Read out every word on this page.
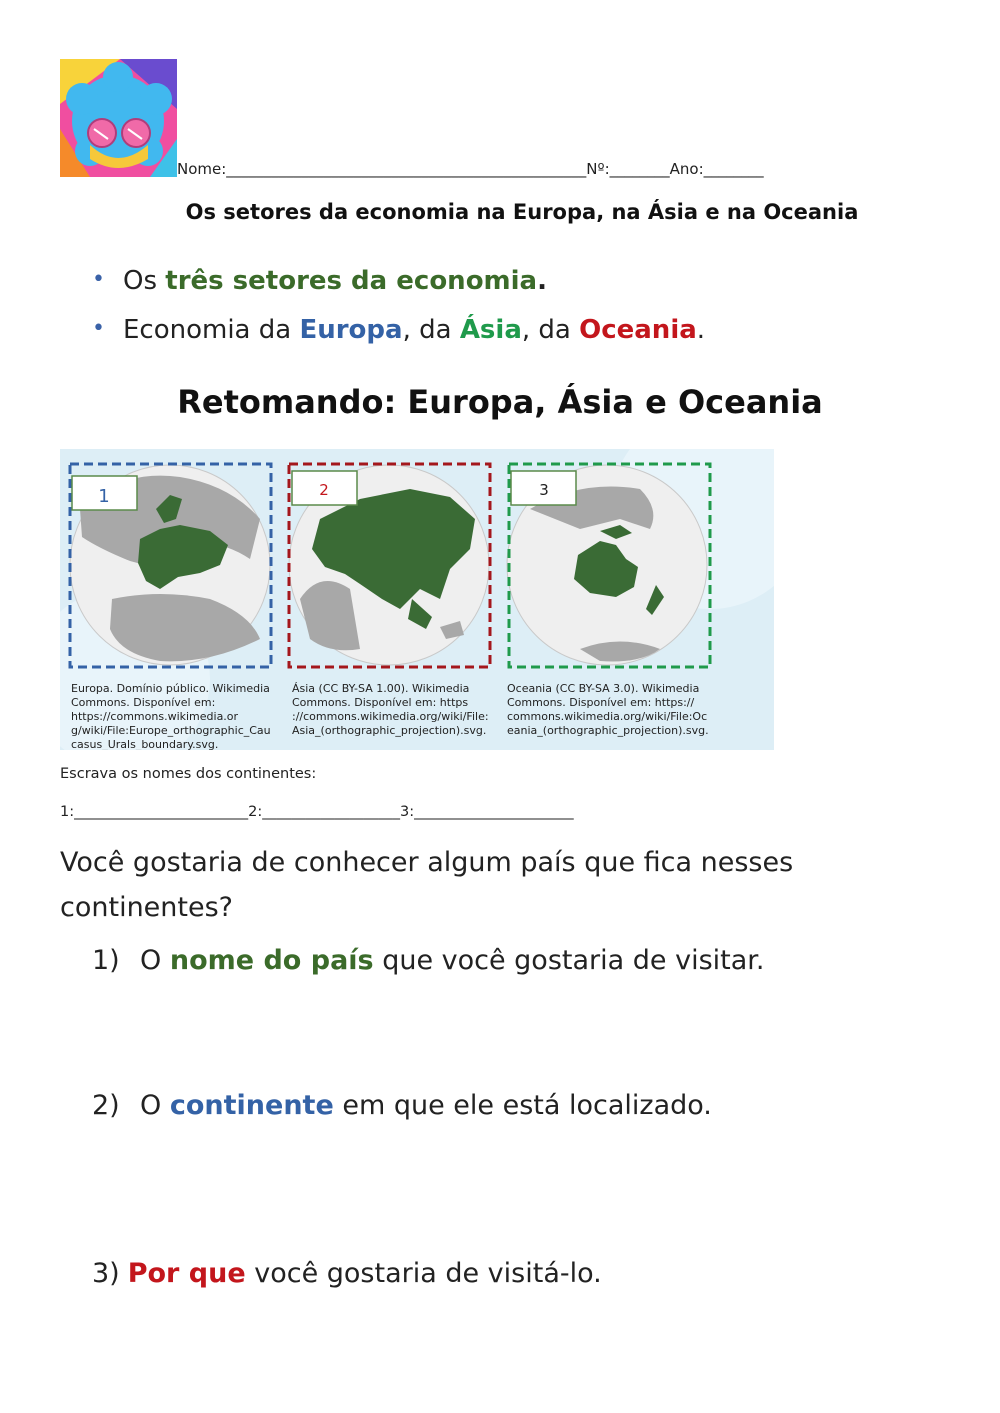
Nome:________________________________________________Nº:________Ano:________
Os setores da economia na Europa, na Ásia e na Oceania
• Os três setores da economia.
• Economia da Europa, da Ásia, da Oceania.
Retomando: Europa, Ásia e Oceania
1	2	3
Europa. Domínio público. Wikimedia
Commons. Disponível em:
https://commons.wikimedia.or
g/wiki/File:Europe_orthographic_Cau
casus_Urals_boundary.svg.
Ásia (CC BY-SA 1.00). Wikimedia
Commons. Disponível em: https
://commons.wikimedia.org/wiki/File:
Asia_(orthographic_projection).svg.
Oceania (CC BY-SA 3.0). Wikimedia
Commons. Disponível em: https://
commons.wikimedia.org/wiki/File:Oc
eania_(orthographic_projection).svg.
Escrava os nomes dos continentes:
1:________________________2:___________________3:______________________
Você gostaria de conhecer algum país que fica nesses continentes?
1) O nome do país que você gostaria de visitar.
2) O continente em que ele está localizado.
3) Por que você gostaria de visitá-lo.
